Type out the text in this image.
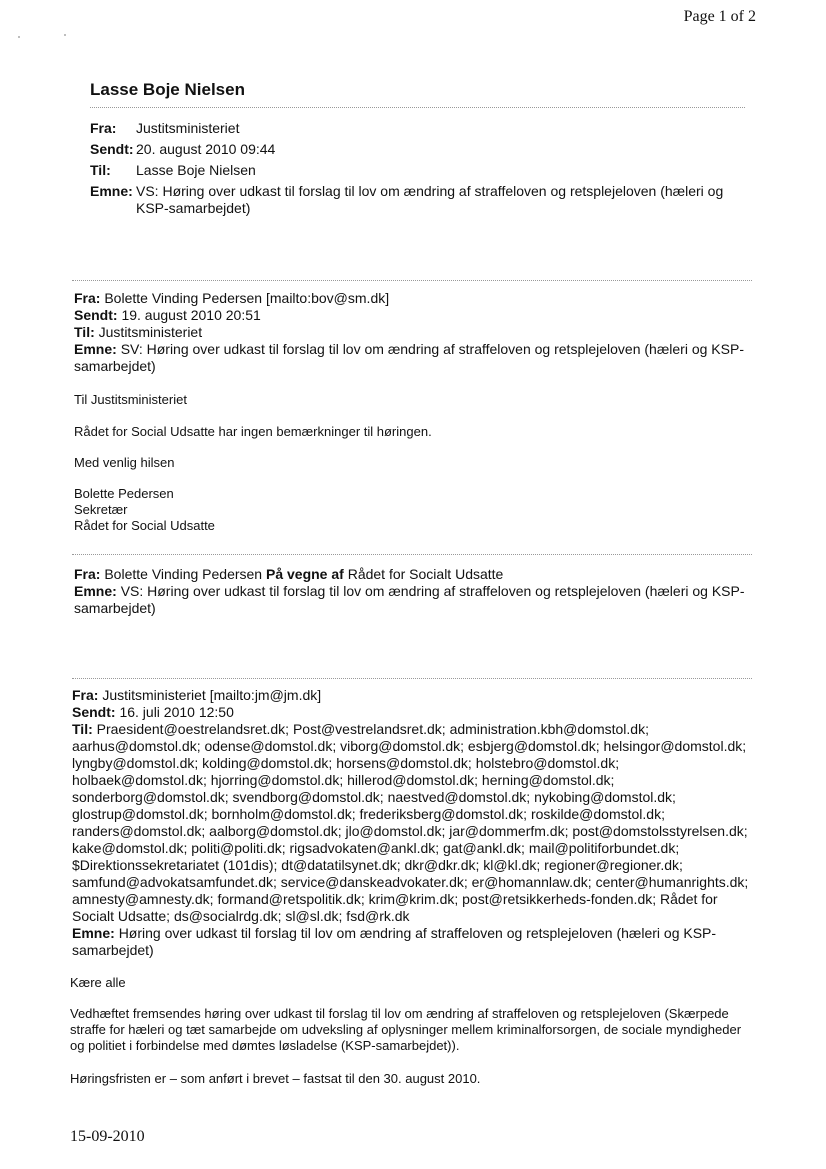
Page 1 of 2
Lasse Boje Nielsen
Fra:	Justitsministeriet
Sendt:	20. august 2010 09:44
Til:	Lasse Boje Nielsen
Emne:	VS: Høring over udkast til forslag til lov om ændring af straffeloven og retsplejeloven (hæleri og KSP-samarbejdet)
Fra: Bolette Vinding Pedersen [mailto:bov@sm.dk]
Sendt: 19. august 2010 20:51
Til: Justitsministeriet
Emne: SV: Høring over udkast til forslag til lov om ændring af straffeloven og retsplejeloven (hæleri og KSP-samarbejdet)
Til Justitsministeriet
Rådet for Social Udsatte har ingen bemærkninger til høringen.
Med venlig hilsen
Bolette Pedersen
Sekretær
Rådet for Social Udsatte
Fra: Bolette Vinding Pedersen På vegne af Rådet for Socialt Udsatte
Emne: VS: Høring over udkast til forslag til lov om ændring af straffeloven og retsplejeloven (hæleri og KSP-samarbejdet)
Fra: Justitsministeriet [mailto:jm@jm.dk]
Sendt: 16. juli 2010 12:50
Til: Praesident@oestrelandsret.dk; Post@vestrelandsret.dk; administration.kbh@domstol.dk; aarhus@domstol.dk; odense@domstol.dk; viborg@domstol.dk; esbjerg@domstol.dk; helsingor@domstol.dk; lyngby@domstol.dk; kolding@domstol.dk; horsens@domstol.dk; holstebro@domstol.dk; holbaek@domstol.dk; hjorring@domstol.dk; hillerod@domstol.dk; herning@domstol.dk; sonderborg@domstol.dk; svendborg@domstol.dk; naestved@domstol.dk; nykobing@domstol.dk; glostrup@domstol.dk; bornholm@domstol.dk; frederiksberg@domstol.dk; roskilde@domstol.dk; randers@domstol.dk; aalborg@domstol.dk; jlo@domstol.dk; jar@dommerfm.dk; post@domstolsstyrelsen.dk; kake@domstol.dk; politi@politi.dk; rigsadvokaten@ankl.dk; gat@ankl.dk; mail@politiforbundet.dk; $Direktionssekretariatet (101dis); dt@datatilsynet.dk; dkr@dkr.dk; kl@kl.dk; regioner@regioner.dk; samfund@advokatsamfundet.dk; service@danskeadvokater.dk; er@homannlaw.dk; center@humanrights.dk; amnesty@amnesty.dk; formand@retspolitik.dk; krim@krim.dk; post@retsikkerheds-fonden.dk; Rådet for Socialt Udsatte; ds@socialrdg.dk; sl@sl.dk; fsd@rk.dk
Emne: Høring over udkast til forslag til lov om ændring af straffeloven og retsplejeloven (hæleri og KSP-samarbejdet)
Kære alle
Vedhæftet fremsendes høring over udkast til forslag til lov om ændring af straffeloven og retsplejeloven (Skærpede straffe for hæleri og tæt samarbejde om udveksling af oplysninger mellem kriminalforsorgen, de sociale myndigheder og politiet i forbindelse med dømtes løsladelse (KSP-samarbejdet)).
Høringsfristen er – som anført i brevet – fastsat til den 30. august 2010.
15-09-2010
